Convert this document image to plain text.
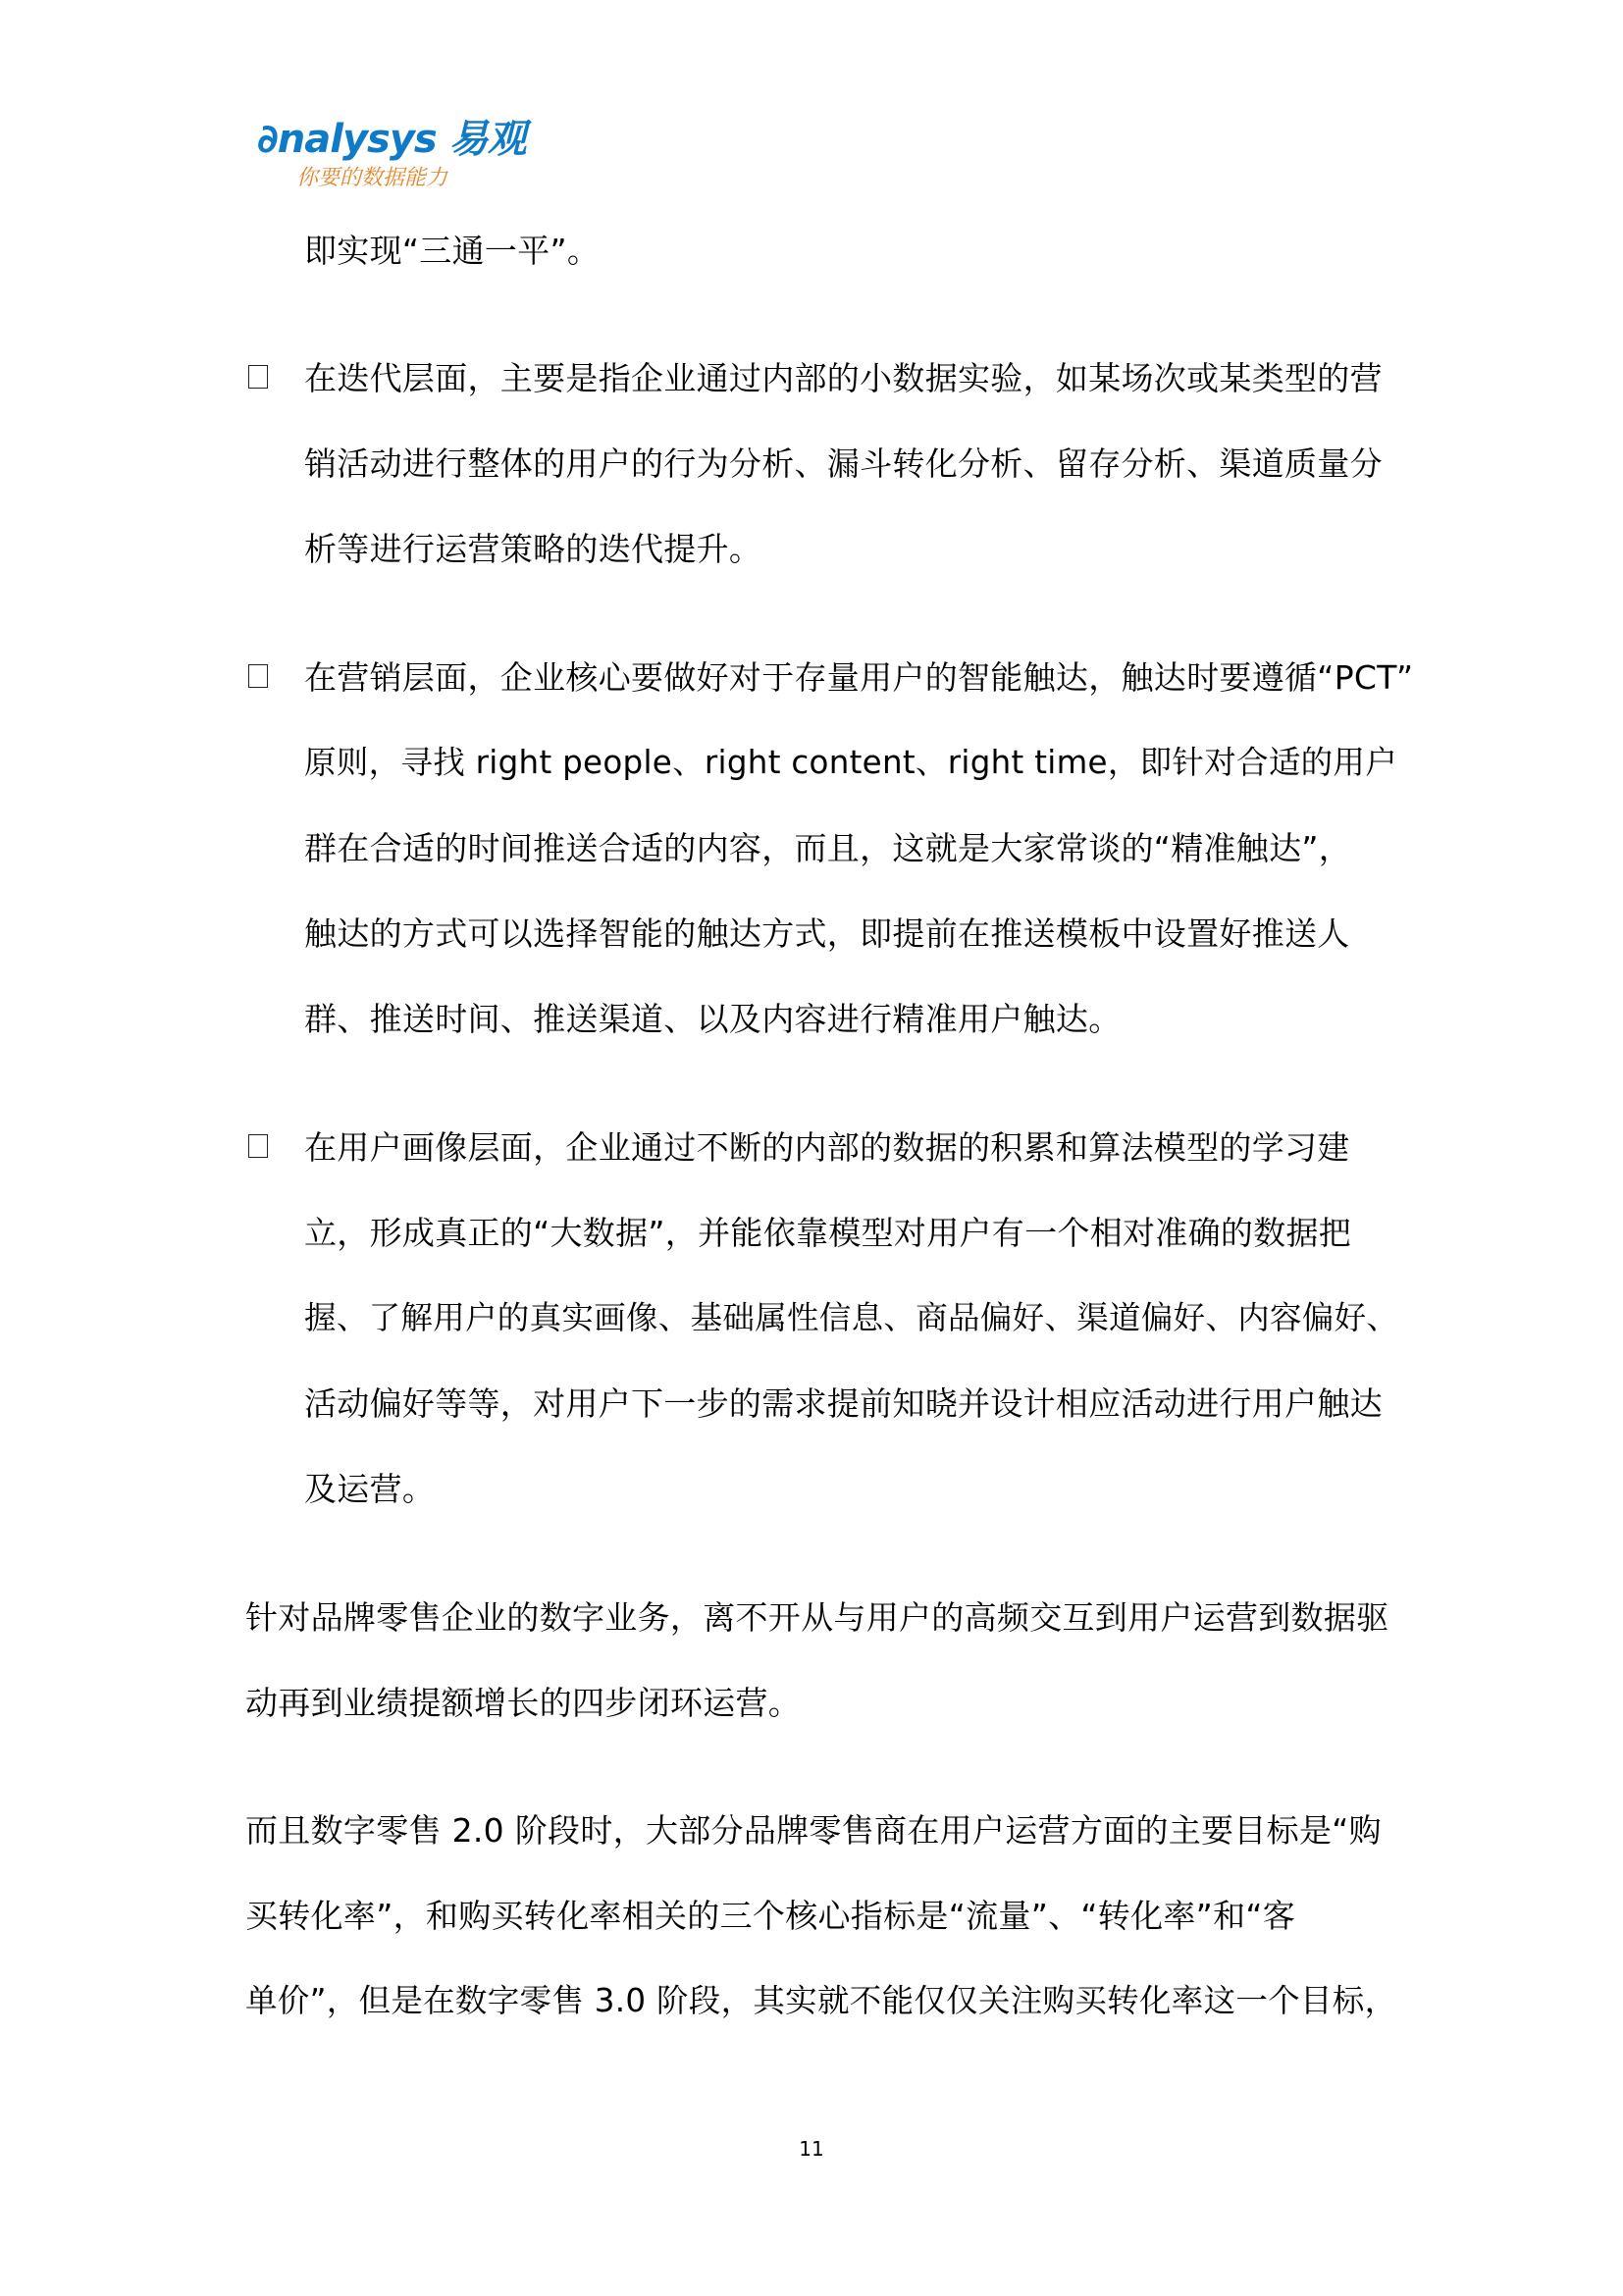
∂nalysys 易观
你要的数据能力
即实现“三通一平”。
在迭代层面，主要是指企业通过内部的小数据实验，如某场次或某类型的营
销活动进行整体的用户的行为分析、漏斗转化分析、留存分析、渠道质量分
析等进行运营策略的迭代提升。
在营销层面，企业核心要做好对于存量用户的智能触达，触达时要遵循“PCT”
原则，寻找 right people、right content、right time，即针对合适的用户
群在合适的时间推送合适的内容，而且，这就是大家常谈的“精准触达”，
触达的方式可以选择智能的触达方式，即提前在推送模板中设置好推送人
群、推送时间、推送渠道、以及内容进行精准用户触达。
在用户画像层面，企业通过不断的内部的数据的积累和算法模型的学习建
立，形成真正的“大数据”，并能依靠模型对用户有一个相对准确的数据把
握、了解用户的真实画像、基础属性信息、商品偏好、渠道偏好、内容偏好、
活动偏好等等，对用户下一步的需求提前知晓并设计相应活动进行用户触达
及运营。
针对品牌零售企业的数字业务，离不开从与用户的高频交互到用户运营到数据驱
动再到业绩提额增长的四步闭环运营。
而且数字零售 2.0 阶段时，大部分品牌零售商在用户运营方面的主要目标是“购
买转化率”，和购买转化率相关的三个核心指标是“流量”、“转化率”和“客
单价”，但是在数字零售 3.0 阶段，其实就不能仅仅关注购买转化率这一个目标，
11
